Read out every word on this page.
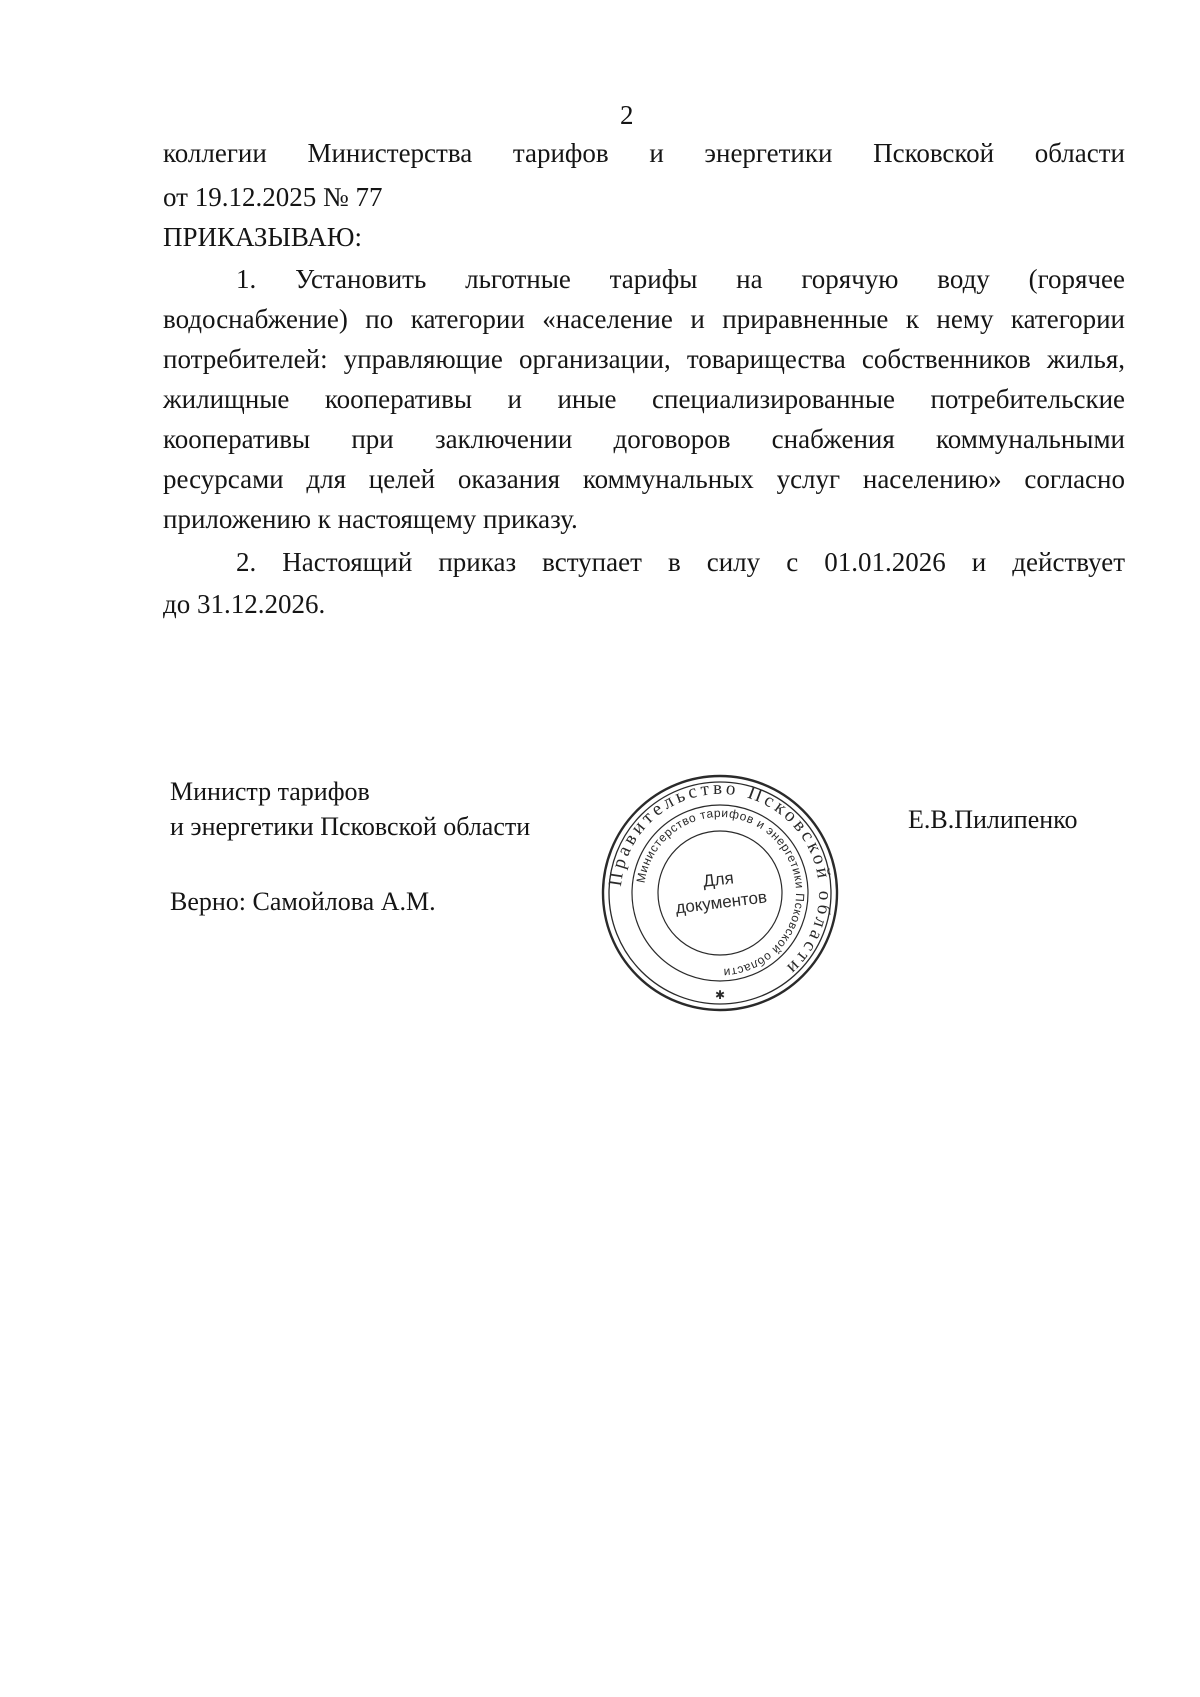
2
коллегии Министерства тарифов и энергетики Псковской области
от 19.12.2025 № 77
ПРИКАЗЫВАЮ:
1. Установить льготные тарифы на горячую воду (горячее
водоснабжение) по категории «население и приравненные к нему категории
потребителей: управляющие организации, товарищества собственников жилья,
жилищные кооперативы и иные специализированные потребительские
кооперативы при заключении договоров снабжения коммунальными
ресурсами для целей оказания коммунальных услуг населению» согласно
приложению к настоящему приказу.
2. Настоящий приказ вступает в силу с 01.01.2026 и действует
до 31.12.2026.
Министр тарифов
и энергетики Псковской области	Е.В.Пилипенко
Верно: Самойлова А.М.
Правительство Псковской области
Министерство тарифов и энергетики Псковской области
Для
документов
✱
